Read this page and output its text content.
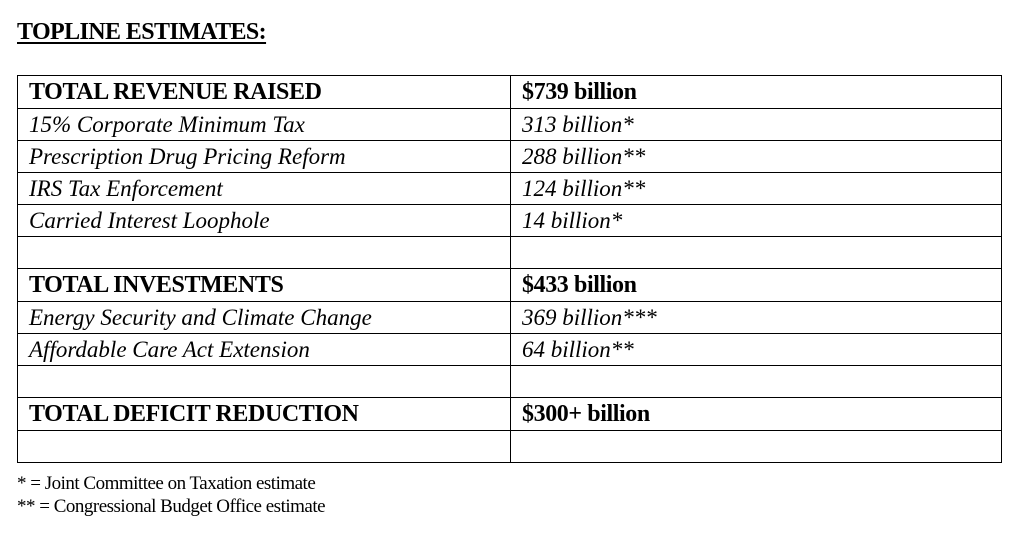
TOPLINE ESTIMATES:
TOTAL REVENUE RAISED	$739 billion
15% Corporate Minimum Tax	313 billion*
Prescription Drug Pricing Reform	288 billion**
IRS Tax Enforcement	124 billion**
Carried Interest Loophole	14 billion*

TOTAL INVESTMENTS	$433 billion
Energy Security and Climate Change	369 billion***
Affordable Care Act Extension	64 billion**

TOTAL DEFICIT REDUCTION	$300+ billion

* = Joint Committee on Taxation estimate
** = Congressional Budget Office estimate
